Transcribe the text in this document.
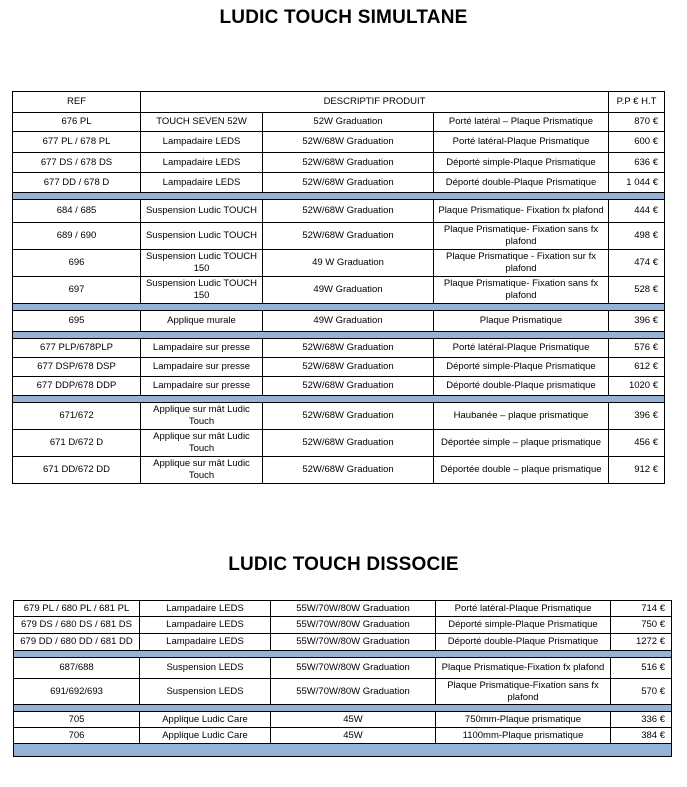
LUDIC TOUCH SIMULTANE
REF	DESCRIPTIF PRODUIT			P.P € H.T
676 PL	TOUCH SEVEN 52W	52W Graduation	Porté latéral – Plaque Prismatique	870 €
677 PL / 678 PL	Lampadaire LEDS	52W/68W Graduation	Porté latéral-Plaque Prismatique	600 €
677 DS / 678 DS	Lampadaire LEDS	52W/68W Graduation	Déporté simple-Plaque Prismatique	636 €
677 DD / 678 D	Lampadaire LEDS	52W/68W Graduation	Déporté double-Plaque Prismatique	1 044 €

684 / 685	Suspension Ludic TOUCH	52W/68W Graduation	Plaque Prismatique- Fixation fx plafond	444 €
689 / 690	Suspension Ludic TOUCH	52W/68W Graduation	Plaque Prismatique- Fixation sans fx plafond	498 €
696	Suspension Ludic TOUCH 150	49 W Graduation	Plaque Prismatique - Fixation sur fx plafond	474 €
697	Suspension Ludic TOUCH 150	49W Graduation	Plaque Prismatique- Fixation sans fx plafond	528 €

695	Applique murale	49W Graduation	Plaque Prismatique	396 €

677 PLP/678PLP	Lampadaire sur presse	52W/68W Graduation	Porté latéral-Plaque Prismatique	576 €
677 DSP/678 DSP	Lampadaire sur presse	52W/68W Graduation	Déporté simple-Plaque Prismatique	612 €
677 DDP/678 DDP	Lampadaire sur presse	52W/68W Graduation	Déporté double-Plaque prismatique	1020 €

671/672	Applique sur mât Ludic Touch	52W/68W Graduation	Haubanée – plaque prismatique	396 €
671 D/672 D	Applique sur mât Ludic Touch	52W/68W Graduation	Déportée simple – plaque prismatique	456 €
671 DD/672 DD	Applique sur mât Ludic Touch	52W/68W Graduation	Déportée double – plaque prismatique	912 €
LUDIC TOUCH DISSOCIE
679 PL / 680 PL / 681 PL	Lampadaire LEDS	55W/70W/80W Graduation	Porté latéral-Plaque Prismatique	714 €
679 DS / 680 DS / 681 DS	Lampadaire LEDS	55W/70W/80W Graduation	Déporté simple-Plaque Prismatique	750 €
679 DD / 680 DD / 681 DD	Lampadaire LEDS	55W/70W/80W Graduation	Déporté double-Plaque Prismatique	1272 €

687/688	Suspension LEDS	55W/70W/80W Graduation	Plaque Prismatique-Fixation fx plafond	516 €
691/692/693	Suspension LEDS	55W/70W/80W Graduation	Plaque Prismatique-Fixation sans fx plafond	570 €

705	Applique Ludic Care	45W	750mm-Plaque prismatique	336 €
706	Applique Ludic Care	45W	1100mm-Plaque prismatique	384 €
